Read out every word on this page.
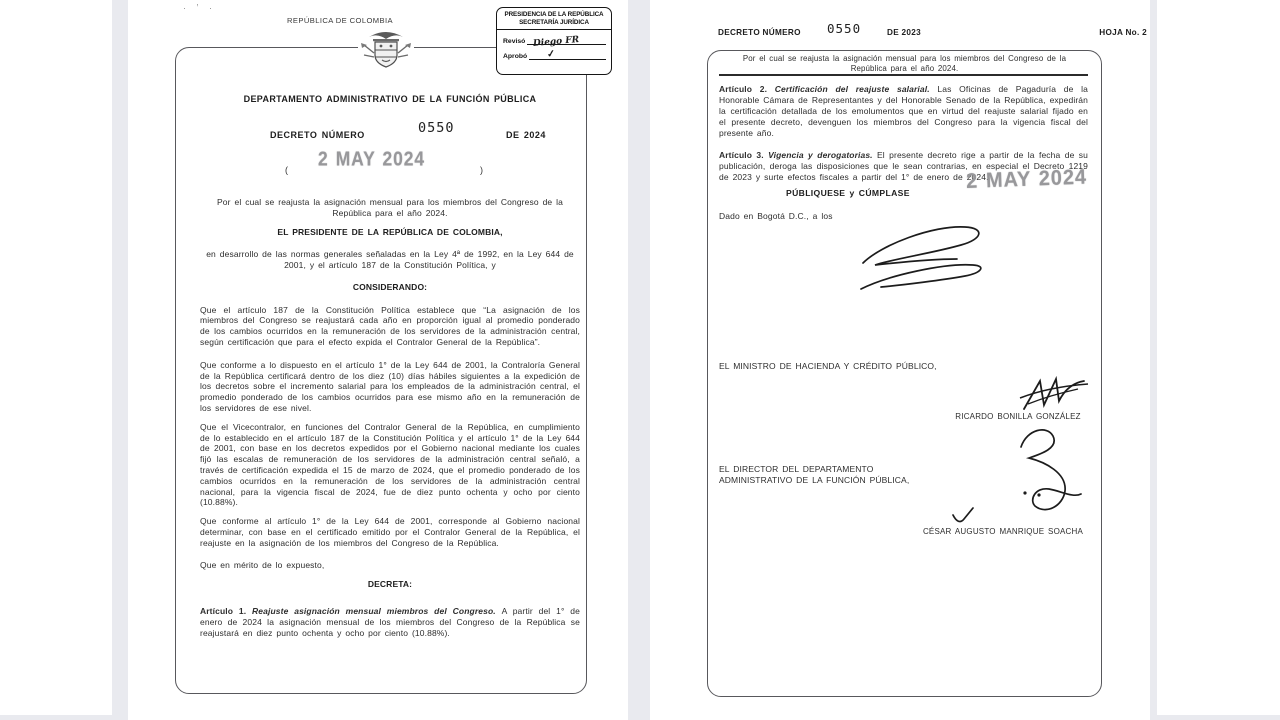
· ʼ ·
REPÚBLICA DE COLOMBIA
PRESIDENCIA DE LA REPÚBLICA
SECRETARÍA JURÍDICA
Revisó Diego FR
Aprobó ✓
DEPARTAMENTO ADMINISTRATIVO DE LA FUNCIÓN PÚBLICA
DECRETO NÚMERO	0550	DE 2024
( 2 MAY 2024	)

Por el cual se reajusta la asignación mensual para los miembros del Congreso de la República para el año 2024.

EL PRESIDENTE DE LA REPÚBLICA DE COLOMBIA,

en desarrollo de las normas generales señaladas en la Ley 4ª de 1992, en la Ley 644 de 2001, y el artículo 187 de la Constitución Política, y

CONSIDERANDO:

Que el artículo 187 de la Constitución Política establece que “La asignación de los miembros del Congreso se reajustará cada año en proporción igual al promedio ponderado de los cambios ocurridos en la remuneración de los servidores de la administración central, según certificación que para el efecto expida el Contralor General de la República”.

Que conforme a lo dispuesto en el artículo 1° de la Ley 644 de 2001, la Contraloría General de la República certificará dentro de los diez (10) días hábiles siguientes a la expedición de los decretos sobre el incremento salarial para los empleados de la administración central, el promedio ponderado de los cambios ocurridos para ese mismo año en la remuneración de los servidores de ese nivel.

Que el Vicecontralor, en funciones del Contralor General de la República, en cumplimiento de lo establecido en el artículo 187 de la Constitución Política y el artículo 1° de la Ley 644 de 2001, con base en los decretos expedidos por el Gobierno nacional mediante los cuales fijó las escalas de remuneración de los servidores de la administración central señaló, a través de certificación expedida el 15 de marzo de 2024, que el promedio ponderado de los cambios ocurridos en la remuneración de los servidores de la administración central nacional, para la vigencia fiscal de 2024, fue de diez punto ochenta y ocho por ciento (10.88%).

Que conforme al artículo 1° de la Ley 644 de 2001, corresponde al Gobierno nacional determinar, con base en el certificado emitido por el Contralor General de la República, el reajuste en la asignación de los miembros del Congreso de la República.

Que en mérito de lo expuesto,

DECRETA:

Artículo 1. Reajuste asignación mensual miembros del Congreso. A partir del 1° de enero de 2024 la asignación mensual de los miembros del Congreso de la República se reajustará en diez punto ochenta y ocho por ciento (10.88%).

DECRETO NÚMERO 0550	DE 2023	HOJA No. 2

Por el cual se reajusta la asignación mensual para los miembros del Congreso de la República para el año 2024.

Artículo 2. Certificación del reajuste salarial. Las Oficinas de Pagaduría de la Honorable Cámara de Representantes y del Honorable Senado de la República, expedirán la certificación detallada de los emolumentos que en virtud del reajuste salarial fijado en el presente decreto, devenguen los miembros del Congreso para la vigencia fiscal del presente año.

Artículo 3. Vigencia y derogatorias. El presente decreto rige a partir de la fecha de su publicación, deroga las disposiciones que le sean contrarias, en especial el Decreto 1219 de 2023 y surte efectos fiscales a partir del 1° de enero de 2024.

PÚBLIQUESE y CÚMPLASE
2 MAY 2024

Dado en Bogotá D.C., a los

EL MINISTRO DE HACIENDA Y CRÉDITO PÚBLICO,

RICARDO BONILLA GONZÁLEZ

EL DIRECTOR DEL DEPARTAMENTO

ADMINISTRATIVO DE LA FUNCIÓN PÚBLICA,

CÉSAR AUGUSTO MANRIQUE SOACHA
